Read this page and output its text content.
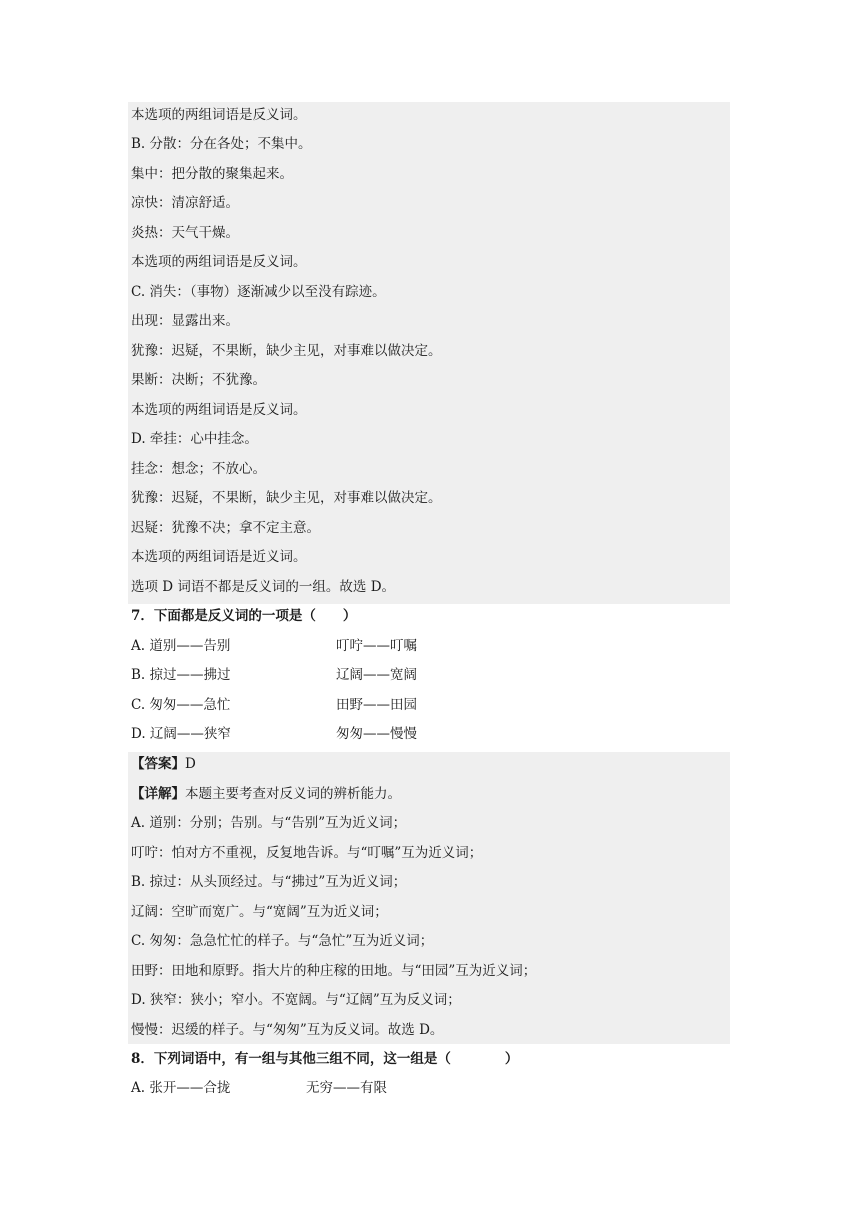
本选项的两组词语是反义词。
B. 分散：分在各处；不集中。
集中：把分散的聚集起来。
凉快：清凉舒适。
炎热：天气干燥。
本选项的两组词语是反义词。
C. 消失：（事物）逐渐减少以至没有踪迹。
出现：显露出来。
犹豫：迟疑，不果断，缺少主见，对事难以做决定。
果断：决断；不犹豫。
本选项的两组词语是反义词。
D. 牵挂：心中挂念。
挂念：想念；不放心。
犹豫：迟疑，不果断，缺少主见，对事难以做决定。
迟疑：犹豫不决；拿不定主意。
本选项的两组词语是近义词。
选项 D 词语不都是反义词的一组。故选 D。
7．下面都是反义词的一项是（　　）
A. 道别——告别	叮咛——叮嘱
B. 掠过——拂过	辽阔——宽阔
C. 匆匆——急忙	田野——田园
D. 辽阔——狭窄	匆匆——慢慢
【答案】D
【详解】本题主要考查对反义词的辨析能力。
A. 道别：分别；告别。与“告别”互为近义词；
叮咛：怕对方不重视，反复地告诉。与“叮嘱”互为近义词；
B. 掠过：从头顶经过。与“拂过”互为近义词；
辽阔：空旷而宽广。与“宽阔”互为近义词；
C. 匆匆：急急忙忙的样子。与“急忙”互为近义词；
田野：田地和原野。指大片的种庄稼的田地。与“田园”互为近义词；
D. 狭窄：狭小；窄小。不宽阔。与“辽阔”互为反义词；
慢慢：迟缓的样子。与“匆匆”互为反义词。故选 D。
8．下列词语中，有一组与其他三组不同，这一组是（　　　　）
A. 张开——合拢	无穷——有限
